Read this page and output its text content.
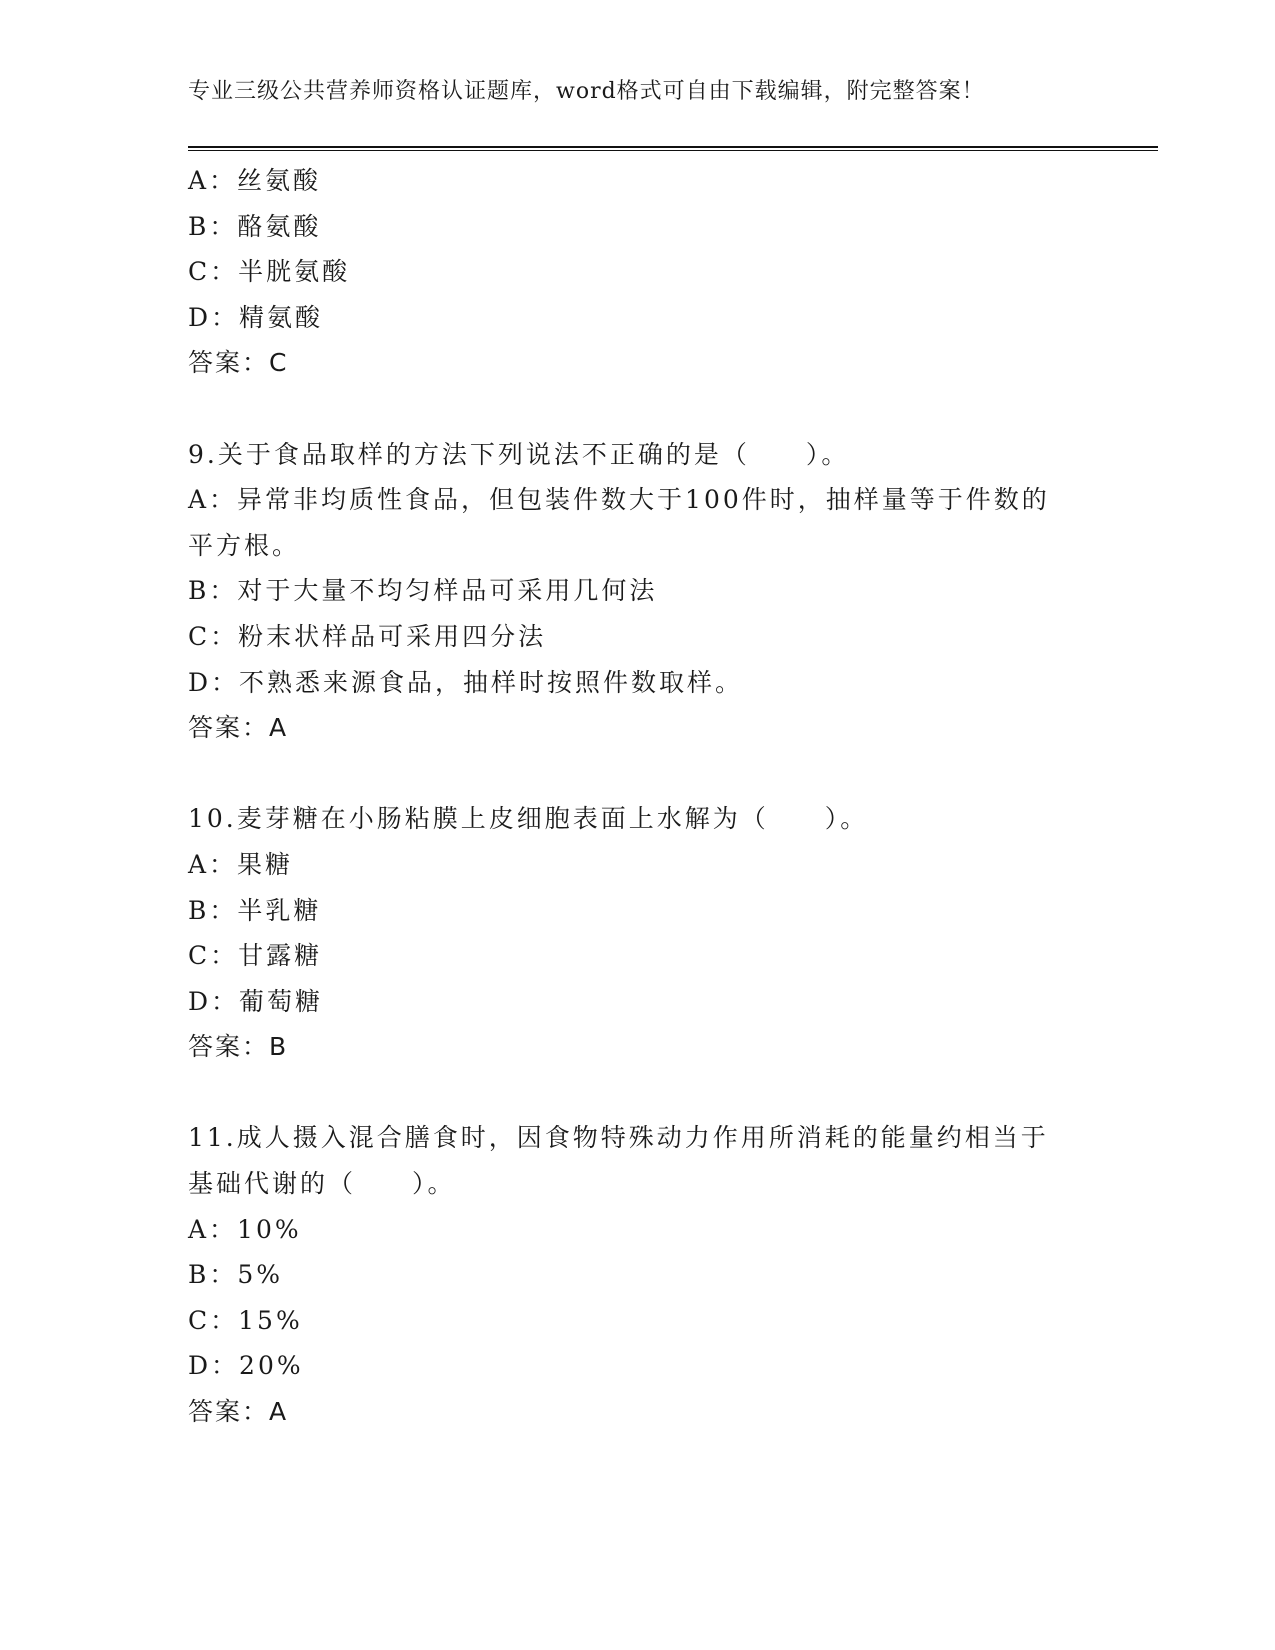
专业三级公共营养师资格认证题库，word格式可自由下载编辑，附完整答案！
A：丝氨酸
B：酪氨酸
C：半胱氨酸
D：精氨酸
答案：C
9.关于食品取样的方法下列说法不正确的是（　　）。
A：异常非均质性食品，但包装件数大于100件时，抽样量等于件数的平方根。
B：对于大量不均匀样品可采用几何法
C：粉末状样品可采用四分法
D：不熟悉来源食品，抽样时按照件数取样。
答案：A
10.麦芽糖在小肠粘膜上皮细胞表面上水解为（　　）。
A：果糖
B：半乳糖
C：甘露糖
D：葡萄糖
答案：B
11.成人摄入混合膳食时，因食物特殊动力作用所消耗的能量约相当于基础代谢的（　　）。
A：10%
B：5%
C：15%
D：20%
答案：A
